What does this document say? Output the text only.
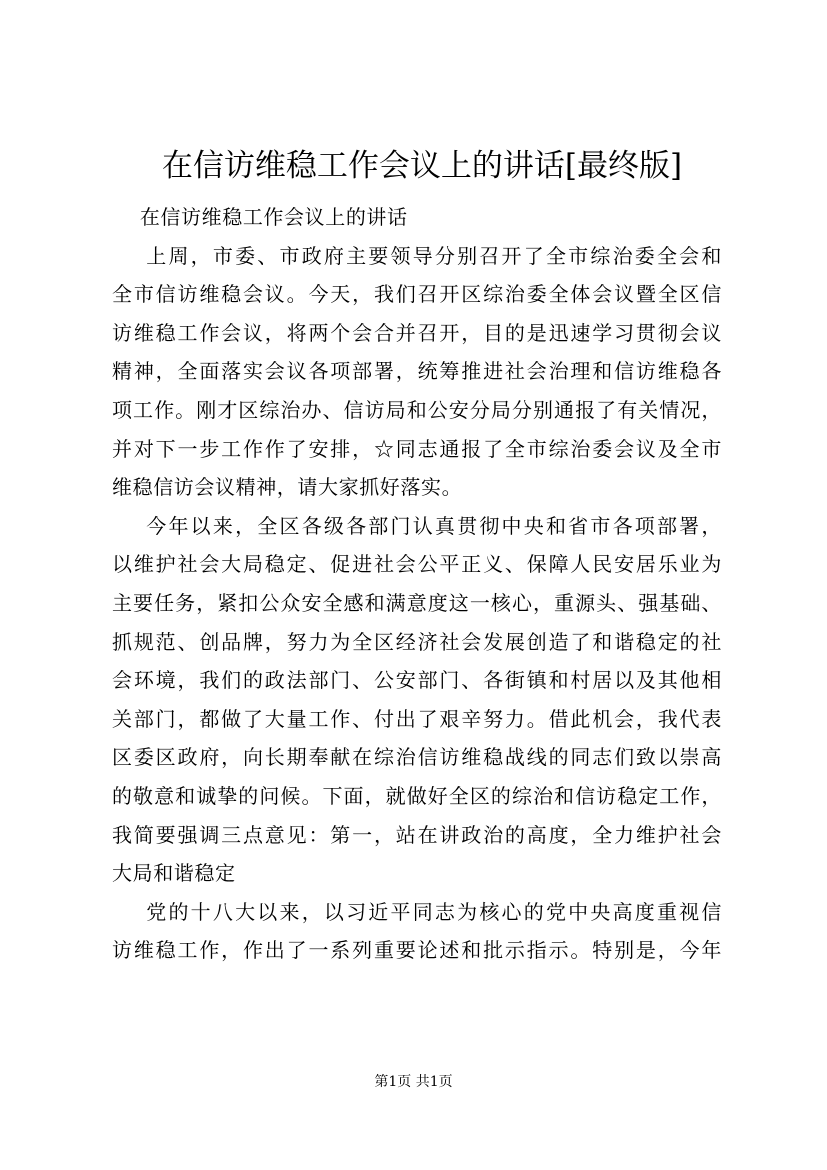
在信访维稳工作会议上的讲话[最终版]
在信访维稳工作会议上的讲话
上周，市委、市政府主要领导分别召开了全市综治委全会和
全市信访维稳会议。今天，我们召开区综治委全体会议暨全区信
访维稳工作会议，将两个会合并召开，目的是迅速学习贯彻会议
精神，全面落实会议各项部署，统筹推进社会治理和信访维稳各
项工作。刚才区综治办、信访局和公安分局分别通报了有关情况，
并对下一步工作作了安排，☆同志通报了全市综治委会议及全市
维稳信访会议精神，请大家抓好落实。
今年以来，全区各级各部门认真贯彻中央和省市各项部署，
以维护社会大局稳定、促进社会公平正义、保障人民安居乐业为
主要任务，紧扣公众安全感和满意度这一核心，重源头、强基础、
抓规范、创品牌，努力为全区经济社会发展创造了和谐稳定的社
会环境，我们的政法部门、公安部门、各街镇和村居以及其他相
关部门，都做了大量工作、付出了艰辛努力。借此机会，我代表
区委区政府，向长期奉献在综治信访维稳战线的同志们致以崇高
的敬意和诚挚的问候。下面，就做好全区的综治和信访稳定工作，
我简要强调三点意见：第一，站在讲政治的高度，全力维护社会
大局和谐稳定
党的十八大以来，以习近平同志为核心的党中央高度重视信
访维稳工作，作出了一系列重要论述和批示指示。特别是，今年
第1页 共1页
